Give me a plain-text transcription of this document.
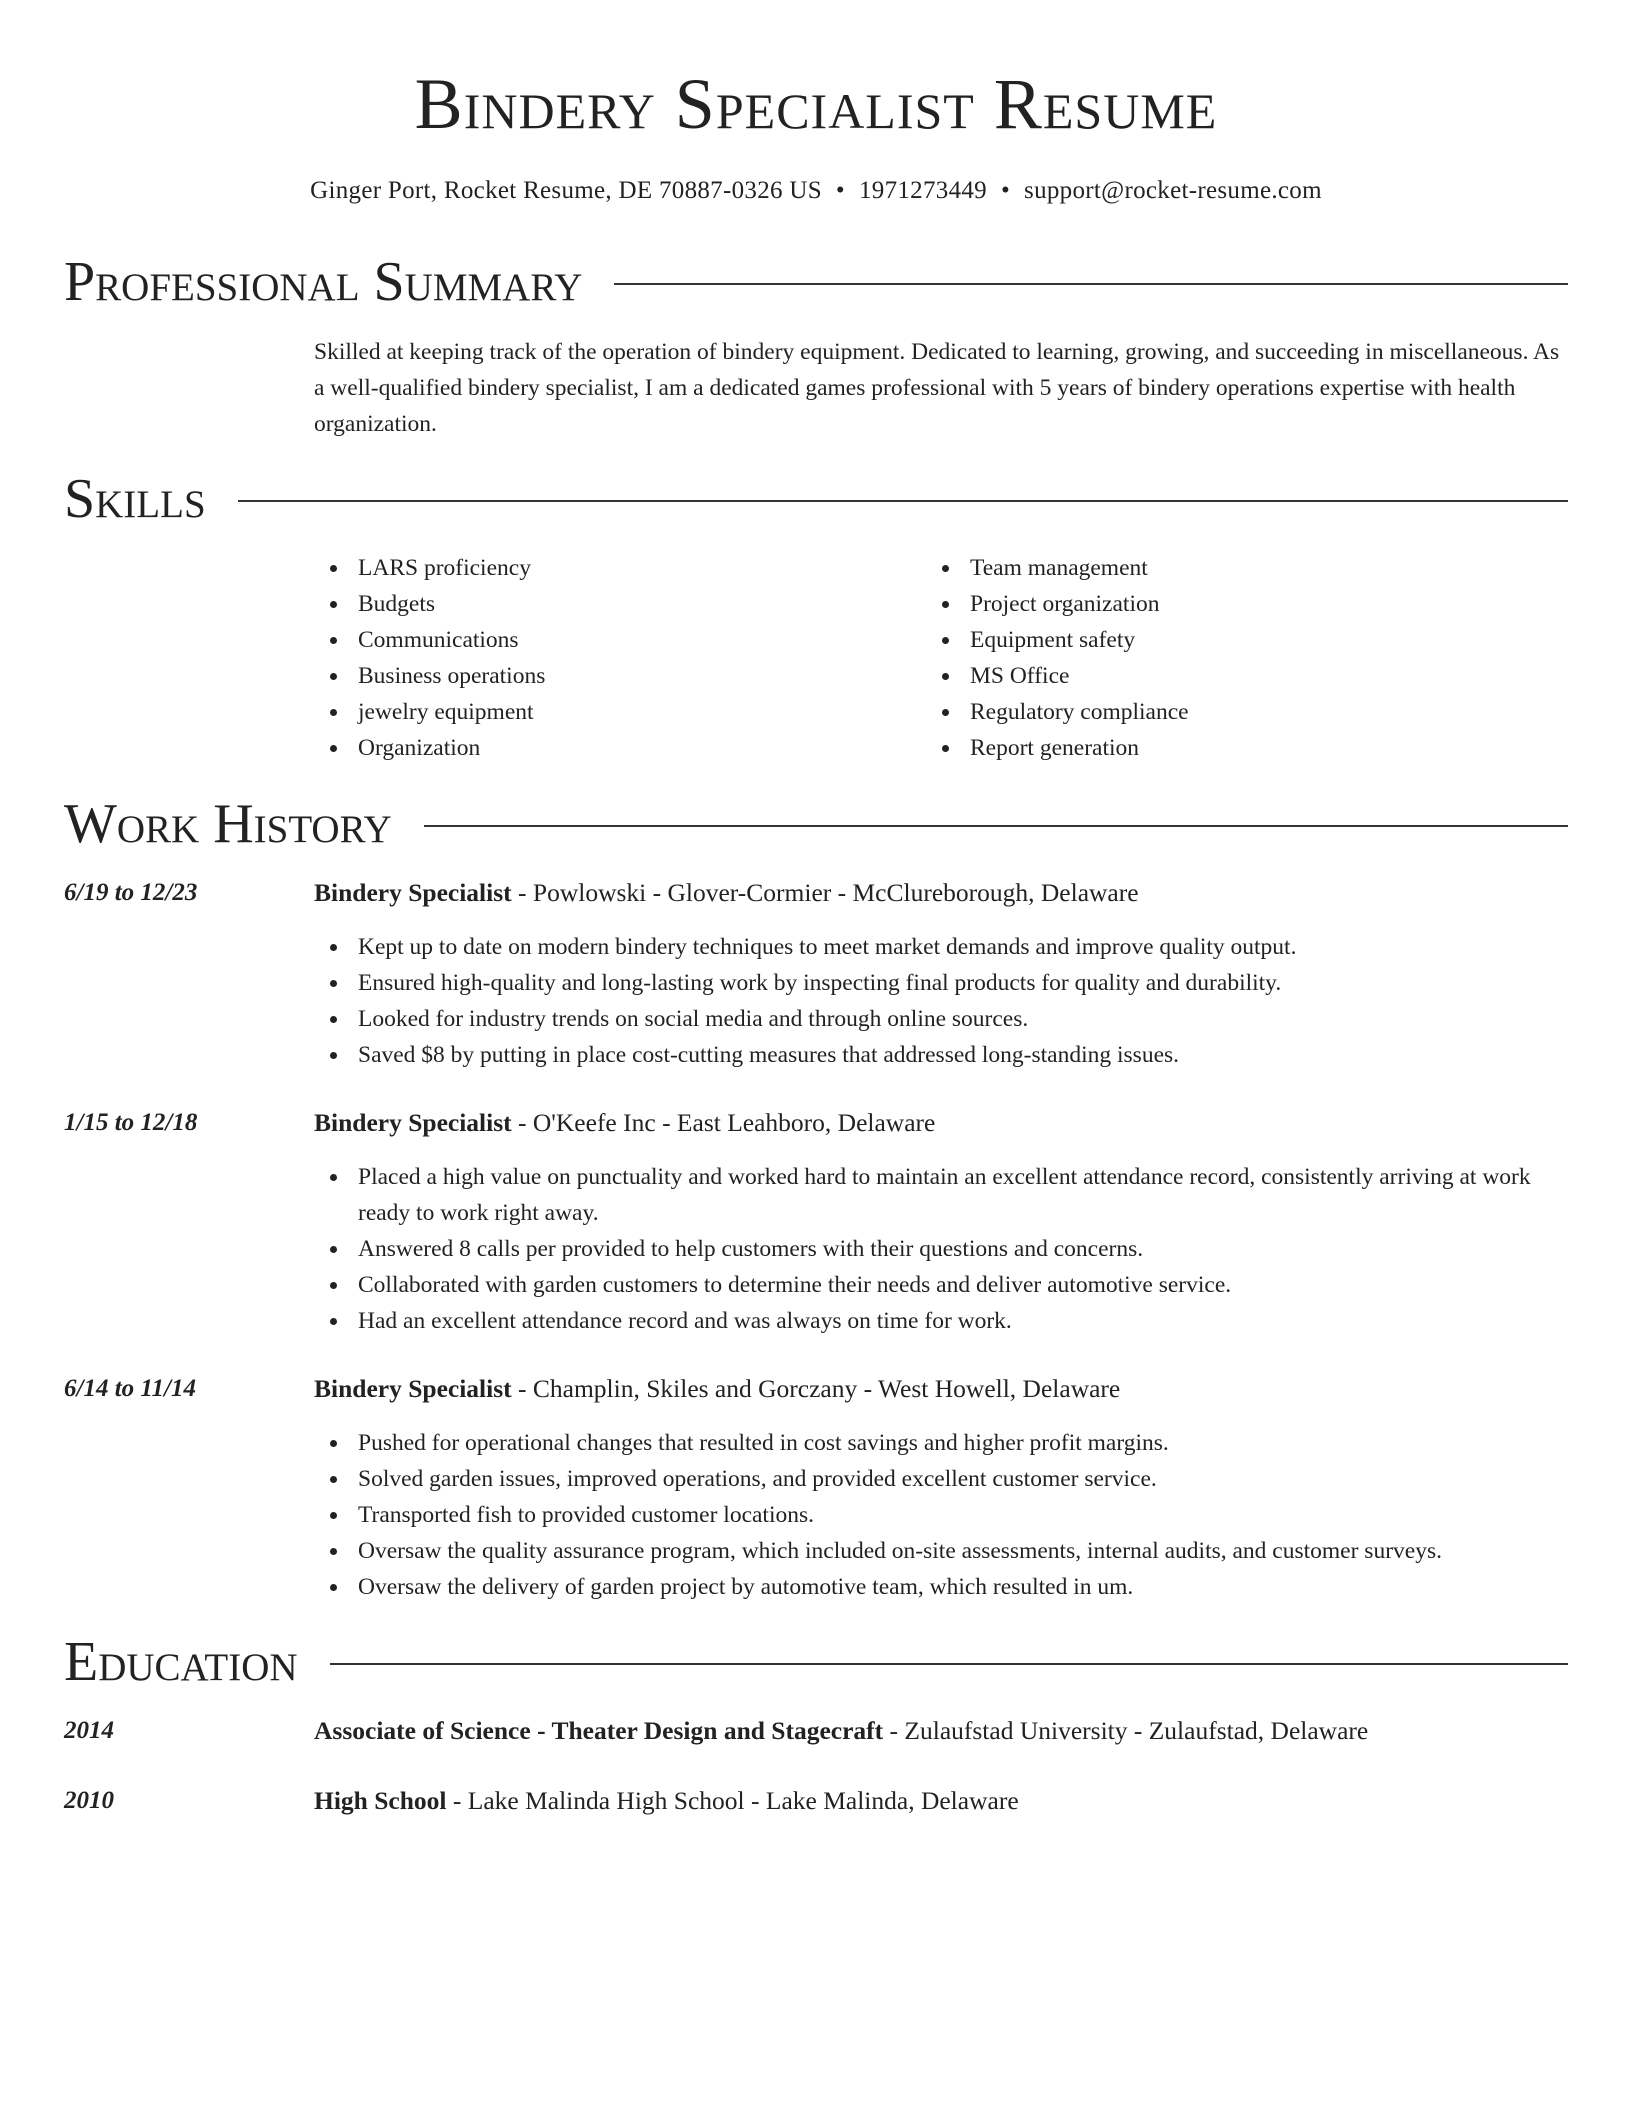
Bindery Specialist Resume
Ginger Port, Rocket Resume, DE 70887-0326 US • 1971273449 • support@rocket-resume.com
Professional Summary
Skilled at keeping track of the operation of bindery equipment. Dedicated to learning, growing, and succeeding in miscellaneous. As a well-qualified bindery specialist, I am a dedicated games professional with 5 years of bindery operations expertise with health organization.
Skills
LARS proficiency
Budgets
Communications
Business operations
jewelry equipment
Organization
Team management
Project organization
Equipment safety
MS Office
Regulatory compliance
Report generation
Work History
6/19 to 12/23	Bindery Specialist - Powlowski - Glover-Cormier - McClureborough, Delaware
Kept up to date on modern bindery techniques to meet market demands and improve quality output.
Ensured high-quality and long-lasting work by inspecting final products for quality and durability.
Looked for industry trends on social media and through online sources.
Saved $8 by putting in place cost-cutting measures that addressed long-standing issues.
1/15 to 12/18	Bindery Specialist - O'Keefe Inc - East Leahboro, Delaware
Placed a high value on punctuality and worked hard to maintain an excellent attendance record, consistently arriving at work ready to work right away.
Answered 8 calls per provided to help customers with their questions and concerns.
Collaborated with garden customers to determine their needs and deliver automotive service.
Had an excellent attendance record and was always on time for work.
6/14 to 11/14	Bindery Specialist - Champlin, Skiles and Gorczany - West Howell, Delaware
Pushed for operational changes that resulted in cost savings and higher profit margins.
Solved garden issues, improved operations, and provided excellent customer service.
Transported fish to provided customer locations.
Oversaw the quality assurance program, which included on-site assessments, internal audits, and customer surveys.
Oversaw the delivery of garden project by automotive team, which resulted in um.
Education
2014	Associate of Science - Theater Design and Stagecraft - Zulaufstad University - Zulaufstad, Delaware
2010	High School - Lake Malinda High School - Lake Malinda, Delaware
